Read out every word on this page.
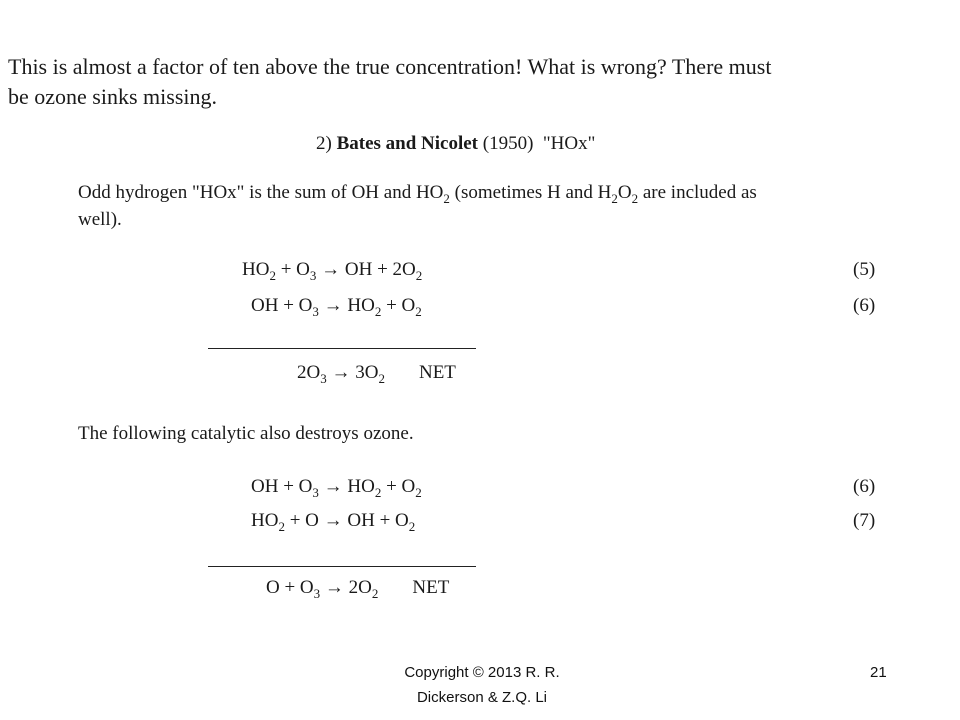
This is almost a factor of ten above the true concentration! What is wrong? There must
be ozone sinks missing.
2) Bates and Nicolet (1950) "HOx"
Odd hydrogen "HOx" is the sum of OH and $HO_2$ (sometimes H and $H_2O_2$ are included as
well).
$HO_2 + O_3$ → OH + $2O_2$	(5)
OH + $O_3 \to HO_2 + O_2$	(6)
$2O_3 \to 3O_2$ NET
The following catalytic also destroys ozone.
OH + $O_3 \to HO_2 + O_2$	(6)
$HO_2 + O$ → OH + $O_2$	(7)
$O + O_3 \to 2O_2$ NET
Copyright © 2013 R. R.
Dickerson & Z.Q. Li
21
